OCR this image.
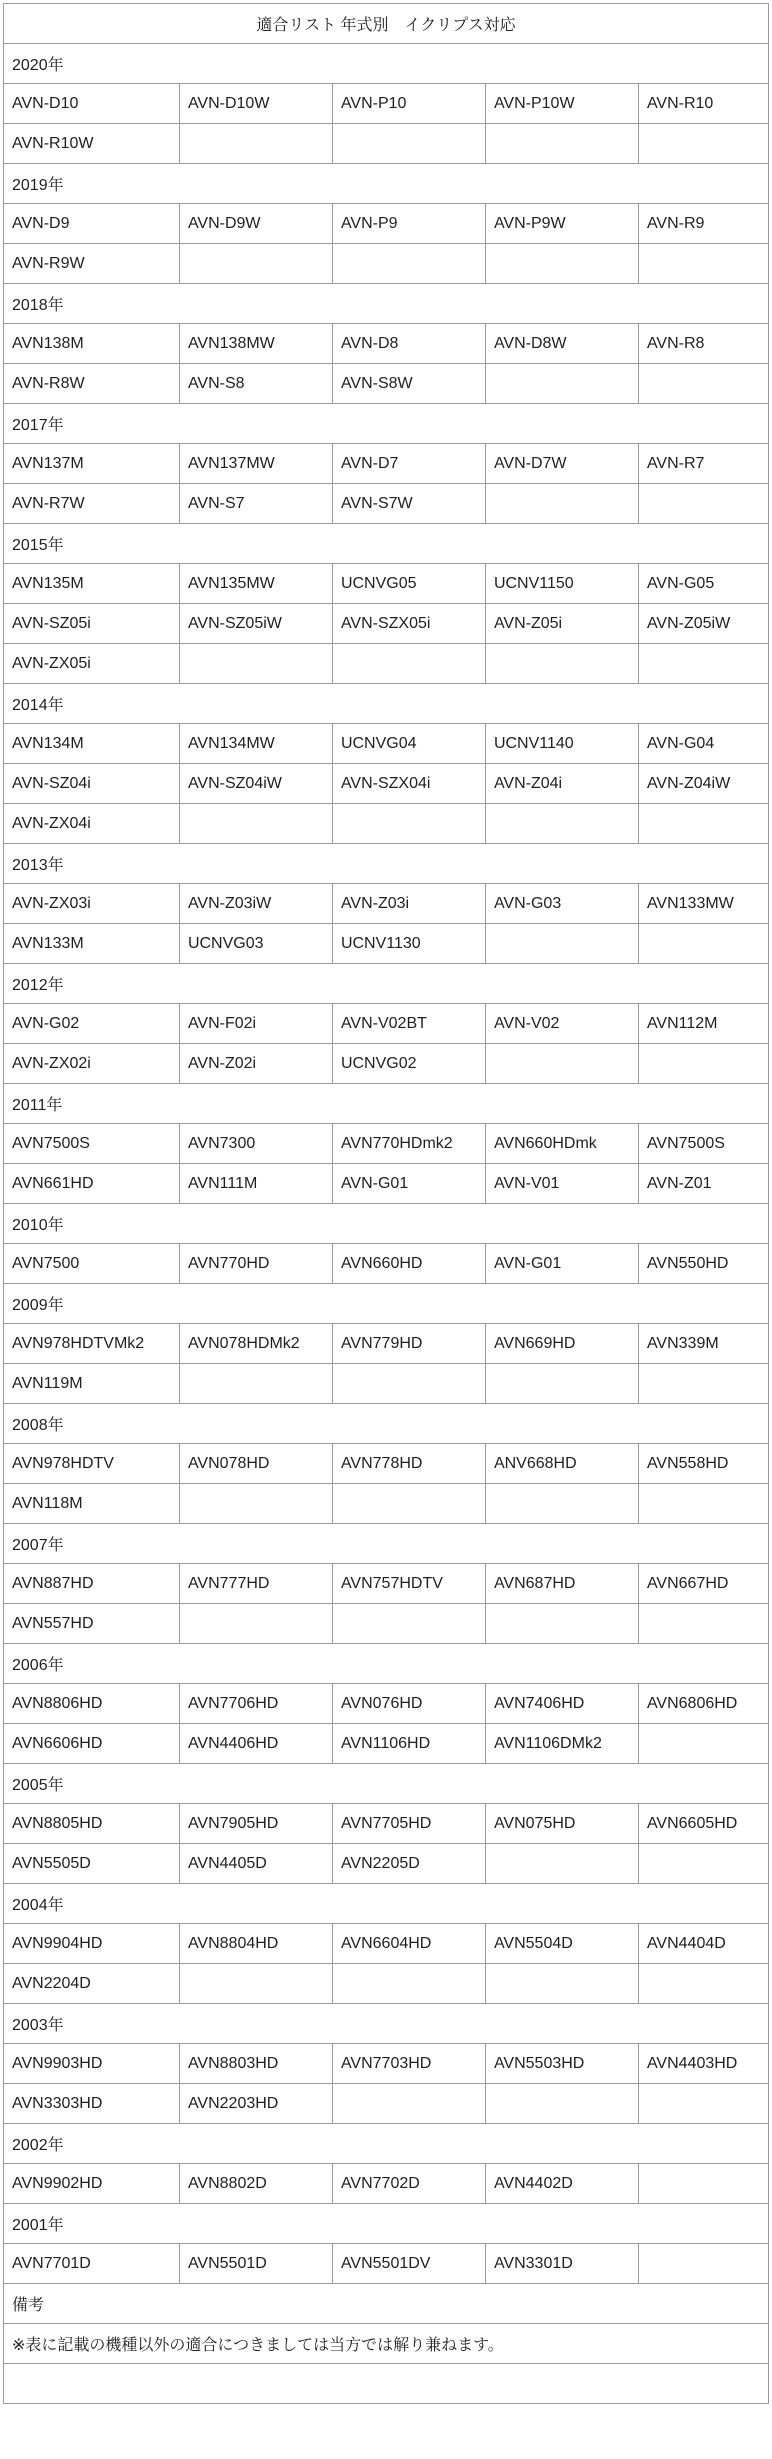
適合リスト 年式別　イクリプス対応				
2020年				
AVN-D10	AVN-D10W	AVN-P10	AVN-P10W	AVN-R10
AVN-R10W				
2019年				
AVN-D9	AVN-D9W	AVN-P9	AVN-P9W	AVN-R9
AVN-R9W				
2018年				
AVN138M	AVN138MW	AVN-D8	AVN-D8W	AVN-R8
AVN-R8W	AVN-S8	AVN-S8W		
2017年				
AVN137M	AVN137MW	AVN-D7	AVN-D7W	AVN-R7
AVN-R7W	AVN-S7	AVN-S7W		
2015年				
AVN135M	AVN135MW	UCNVG05	UCNV1150	AVN-G05
AVN-SZ05i	AVN-SZ05iW	AVN-SZX05i	AVN-Z05i	AVN-Z05iW
AVN-ZX05i				
2014年				
AVN134M	AVN134MW	UCNVG04	UCNV1140	AVN-G04
AVN-SZ04i	AVN-SZ04iW	AVN-SZX04i	AVN-Z04i	AVN-Z04iW
AVN-ZX04i				
2013年				
AVN-ZX03i	AVN-Z03iW	AVN-Z03i	AVN-G03	AVN133MW
AVN133M	UCNVG03	UCNV1130		
2012年				
AVN-G02	AVN-F02i	AVN-V02BT	AVN-V02	AVN112M
AVN-ZX02i	AVN-Z02i	UCNVG02		
2011年				
AVN7500S	AVN7300	AVN770HDmk2	AVN660HDmk	AVN7500S
AVN661HD	AVN111M	AVN-G01	AVN-V01	AVN-Z01
2010年				
AVN7500	AVN770HD	AVN660HD	AVN-G01	AVN550HD
2009年				
AVN978HDTVMk2	AVN078HDMk2	AVN779HD	AVN669HD	AVN339M
AVN119M				
2008年				
AVN978HDTV	AVN078HD	AVN778HD	ANV668HD	AVN558HD
AVN118M				
2007年				
AVN887HD	AVN777HD	AVN757HDTV	AVN687HD	AVN667HD
AVN557HD				
2006年				
AVN8806HD	AVN7706HD	AVN076HD	AVN7406HD	AVN6806HD
AVN6606HD	AVN4406HD	AVN1106HD	AVN1106DMk2	
2005年				
AVN8805HD	AVN7905HD	AVN7705HD	AVN075HD	AVN6605HD
AVN5505D	AVN4405D	AVN2205D		
2004年				
AVN9904HD	AVN8804HD	AVN6604HD	AVN5504D	AVN4404D
AVN2204D				
2003年				
AVN9903HD	AVN8803HD	AVN7703HD	AVN5503HD	AVN4403HD
AVN3303HD	AVN2203HD			
2002年				
AVN9902HD	AVN8802D	AVN7702D	AVN4402D	
2001年				
AVN7701D	AVN5501D	AVN5501DV	AVN3301D	
備考				
※表に記載の機種以外の適合につきましては当方では解り兼ねます。				
